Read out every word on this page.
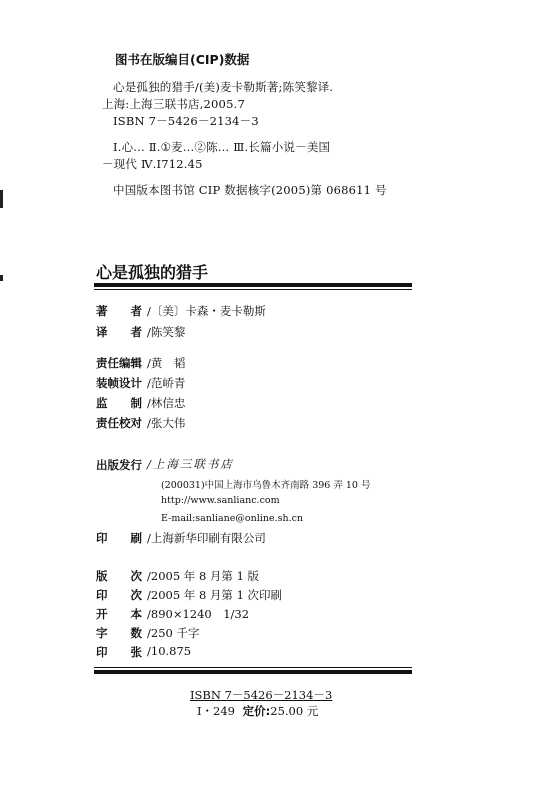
图书在版编目(CIP)数据
心是孤独的猎手/(美)麦卡勒斯著;陈笑黎译.
上海:上海三联书店,2005.7
ISBN 7－5426－2134－3
Ⅰ.心... Ⅱ.①麦...②陈... Ⅲ.长篇小说－美国
－现代 Ⅳ.I712.45
中国版本图书馆 CIP 数据核字(2005)第 068611 号
心是孤独的猎手
著　　者 /〔美〕卡森・麦卡勒斯
译　　者 /陈笑黎
责任编辑 /黄　韬
装帧设计 /范峤青
监　　制 /林信忠
责任校对 /张大伟
出版发行 /上海三联书店
(200031)中国上海市乌鲁木齐南路 396 弄 10 号
http://www.sanlianc.com
E-mail:sanliane@online.sh.cn
印　　刷 /上海新华印刷有限公司
版　　次 /2005 年 8 月第 1 版
印　　次 /2005 年 8 月第 1 次印刷
开　　本 /890×1240　1/32
字　　数 /250 千字
印　　张 /10.875
ISBN 7－5426－2134－3
I・249 定价:25.00 元
